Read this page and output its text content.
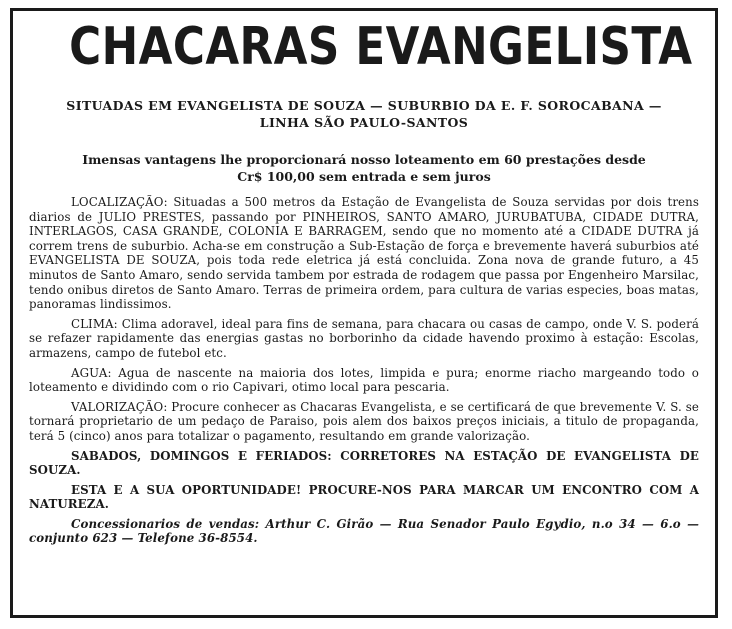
CHACARAS EVANGELISTA
SITUADAS EM EVANGELISTA DE SOUZA — SUBURBIO DA E. F. SOROCABANA —
LINHA SÃO PAULO-SANTOS
Imensas vantagens lhe proporcionará nosso loteamento em 60 prestações desde
Cr$ 100,00 sem entrada e sem juros

LOCALIZAÇÃO: Situadas a 500 metros da Estação de Evangelista de Souza servidas por dois trens diarios de JULIO PRESTES, passando por PINHEIROS, SANTO AMARO, JURUBATUBA, CIDADE DUTRA, INTERLAGOS, CASA GRANDE, COLONIA E BARRAGEM, sendo que no momento até a CIDADE DUTRA já correm trens de suburbio. Acha-se em construção a Sub-Estação de força e brevemente haverá suburbios até EVANGELISTA DE SOUZA, pois toda rede eletrica já está concluida. Zona nova de grande futuro, a 45 minutos de Santo Amaro, sendo servida tambem por estrada de rodagem que passa por Engenheiro Marsilac, tendo onibus diretos de Santo Amaro. Terras de primeira ordem, para cultura de varias especies, boas matas, panoramas lindissimos.

CLIMA: Clima adoravel, ideal para fins de semana, para chacara ou casas de campo, onde V. S. poderá se refazer rapidamente das energias gastas no borborinho da cidade havendo proximo à estação: Escolas, armazens, campo de futebol etc.

AGUA: Agua de nascente na maioria dos lotes, limpida e pura; enorme riacho margeando todo o loteamento e dividindo com o rio Capivari, otimo local para pescaria.

VALORIZAÇÃO: Procure conhecer as Chacaras Evangelista, e se certificará de que brevemente V. S. se tornará proprietario de um pedaço de Paraiso, pois alem dos baixos preços iniciais, a titulo de propaganda, terá 5 (cinco) anos para totalizar o pagamento, resultando em grande valorização.

SABADOS, DOMINGOS E FERIADOS: CORRETORES NA ESTAÇÃO DE EVANGELISTA DE SOUZA.

ESTA E A SUA OPORTUNIDADE! PROCURE-NOS PARA MARCAR UM ENCONTRO COM A NATUREZA.

Concessionarios de vendas: Arthur C. Girão — Rua Senador Paulo Egydio, n.o 34 — 6.o — conjunto 623 — Telefone 36-8554.
